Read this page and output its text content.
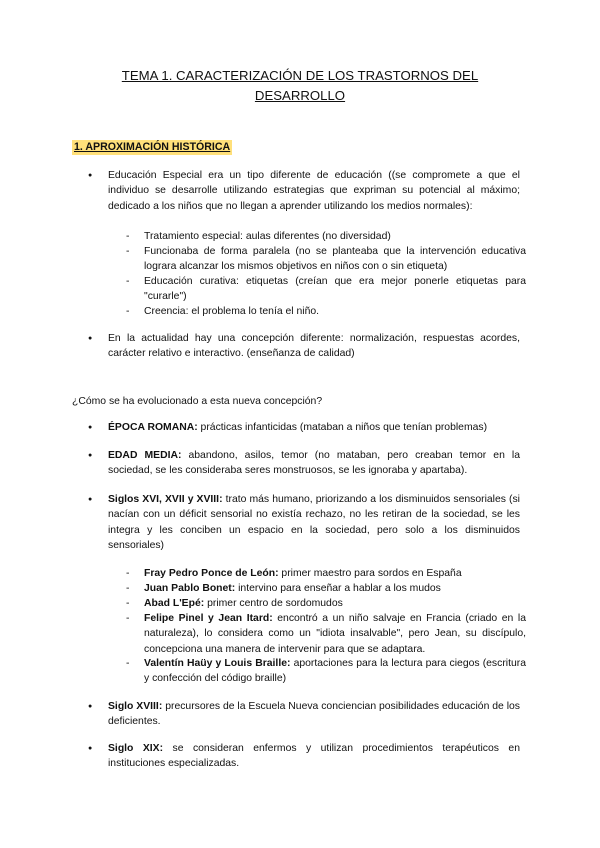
TEMA 1. CARACTERIZACIÓN DE LOS TRASTORNOS DEL
DESARROLLO
1. APROXIMACIÓN HISTÓRICA
● Educación Especial era un tipo diferente de educación ((se compromete a que el individuo se desarrolle utilizando estrategias que expriman su potencial al máximo; dedicado a los niños que no llegan a aprender utilizando los medios normales):
- Tratamiento especial: aulas diferentes (no diversidad)
- Funcionaba de forma paralela (no se planteaba que la intervención educativa lograra alcanzar los mismos objetivos en niños con o sin etiqueta)
- Educación curativa: etiquetas (creían que era mejor ponerle etiquetas para "curarle")
- Creencia: el problema lo tenía el niño.
● En la actualidad hay una concepción diferente: normalización, respuestas acordes, carácter relativo e interactivo. (enseñanza de calidad)
¿Cómo se ha evolucionado a esta nueva concepción?
● ÉPOCA ROMANA: prácticas infanticidas (mataban a niños que tenían problemas)
● EDAD MEDIA: abandono, asilos, temor (no mataban, pero creaban temor en la sociedad, se les consideraba seres monstruosos, se les ignoraba y apartaba).
● Siglos XVI, XVII y XVIII: trato más humano, priorizando a los disminuidos sensoriales (si nacían con un déficit sensorial no existía rechazo, no les retiran de la sociedad, se les integra y les conciben un espacio en la sociedad, pero solo a los disminuidos sensoriales)
- Fray Pedro Ponce de León: primer maestro para sordos en España
- Juan Pablo Bonet: intervino para enseñar a hablar a los mudos
- Abad L'Epé: primer centro de sordomudos
- Felipe Pinel y Jean Itard: encontró a un niño salvaje en Francia (criado en la naturaleza), lo considera como un "idiota insalvable", pero Jean, su discípulo, concepciona una manera de intervenir para que se adaptara.
- Valentín Haüy y Louis Braille: aportaciones para la lectura para ciegos (escritura y confección del código braille)
● Siglo XVIII: precursores de la Escuela Nueva conciencian posibilidades educación de los deficientes.
● Siglo XIX: se consideran enfermos y utilizan procedimientos terapéuticos en instituciones especializadas.
